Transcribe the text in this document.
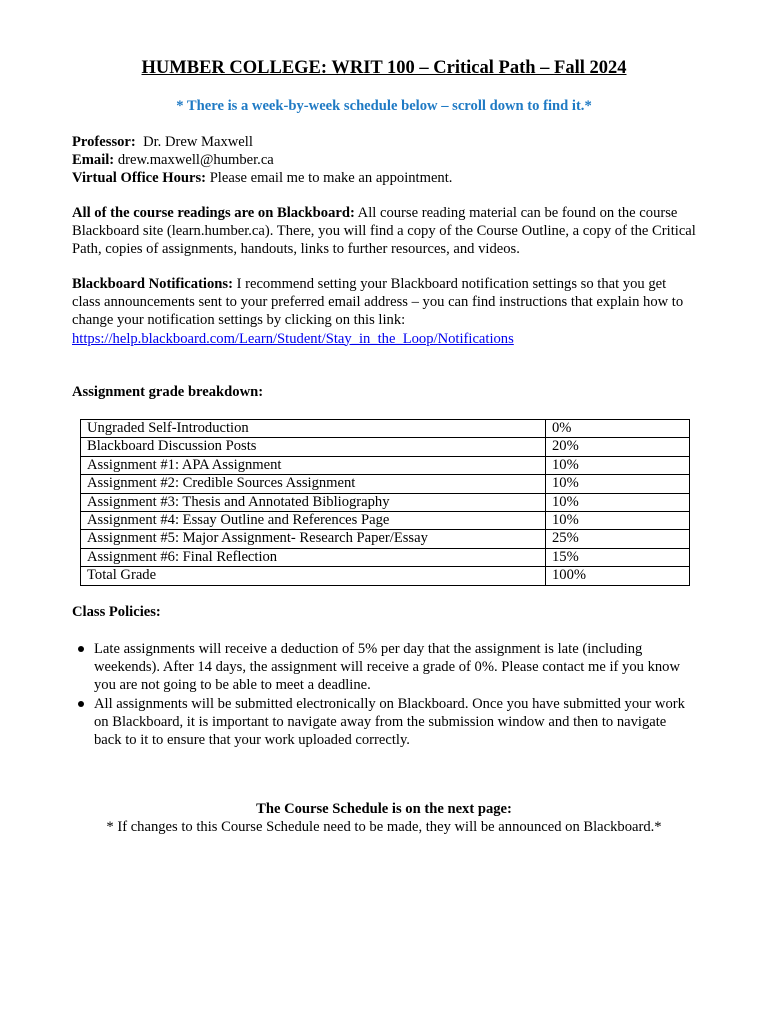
HUMBER COLLEGE: WRIT 100 – Critical Path – Fall 2024
* There is a week-by-week schedule below – scroll down to find it.*
Professor: Dr. Drew Maxwell
Email: drew.maxwell@humber.ca
Virtual Office Hours: Please email me to make an appointment.
All of the course readings are on Blackboard: All course reading material can be found on the course Blackboard site (learn.humber.ca). There, you will find a copy of the Course Outline, a copy of the Critical Path, copies of assignments, handouts, links to further resources, and videos.
Blackboard Notifications: I recommend setting your Blackboard notification settings so that you get class announcements sent to your preferred email address – you can find instructions that explain how to change your notification settings by clicking on this link:
https://help.blackboard.com/Learn/Student/Stay_in_the_Loop/Notifications
Assignment grade breakdown:
Ungraded Self-Introduction	0%
Blackboard Discussion Posts	20%
Assignment #1: APA Assignment	10%
Assignment #2: Credible Sources Assignment	10%
Assignment #3: Thesis and Annotated Bibliography	10%
Assignment #4: Essay Outline and References Page	10%
Assignment #5: Major Assignment- Research Paper/Essay	25%
Assignment #6: Final Reflection	15%
Total Grade	100%
Class Policies:
Late assignments will receive a deduction of 5% per day that the assignment is late (including weekends). After 14 days, the assignment will receive a grade of 0%. Please contact me if you know you are not going to be able to meet a deadline.
All assignments will be submitted electronically on Blackboard. Once you have submitted your work on Blackboard, it is important to navigate away from the submission window and then to navigate back to it to ensure that your work uploaded correctly.
The Course Schedule is on the next page:
* If changes to this Course Schedule need to be made, they will be announced on Blackboard.*
